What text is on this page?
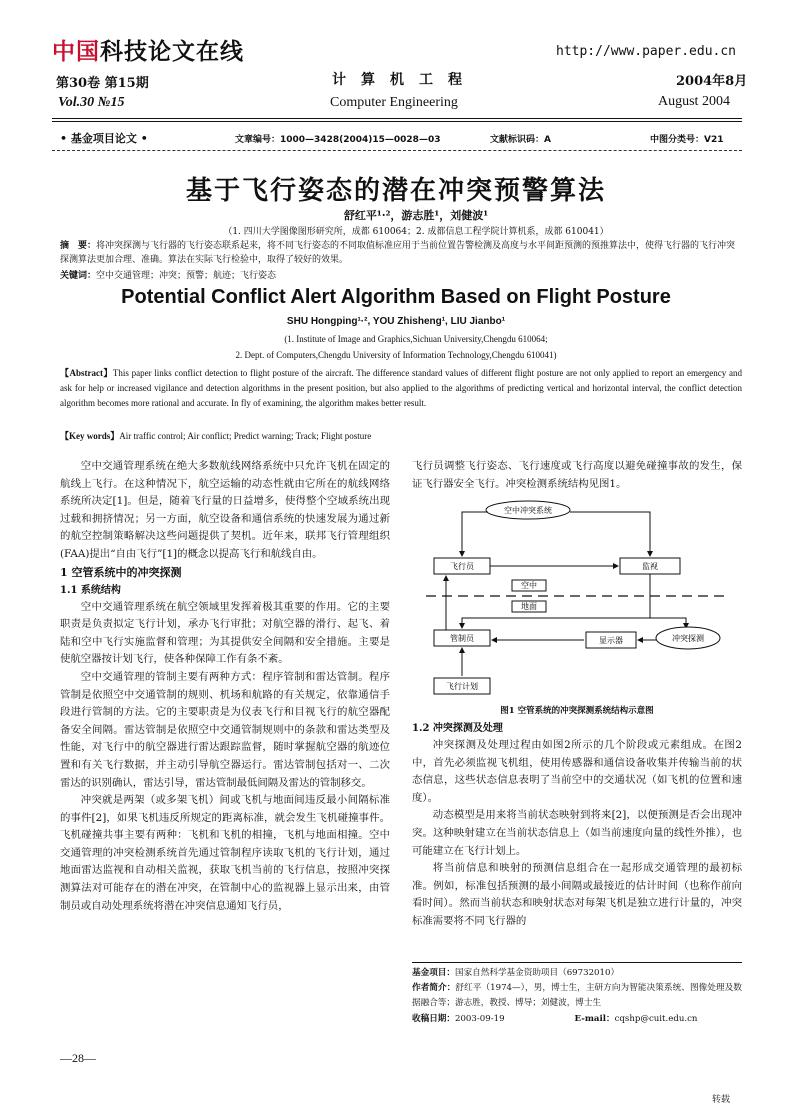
中国科技论文在线	http://www.paper.edu.cn
第30卷 第15期	计算机工程	2004年8月
Vol.30 №15	Computer Engineering	August 2004
• 基金项目论文 •	文章编号：1000—3428(2004)15—0028—03	文献标识码：A	中图分类号：V21
基于飞行姿态的潜在冲突预警算法
舒红平¹·²，游志胜¹，刘健波¹
（1. 四川大学图像图形研究所，成都 610064；2. 成都信息工程学院计算机系，成都 610041）
摘　要：将冲突探测与飞行器的飞行姿态联系起来，将不同飞行姿态的不同取值标准应用于当前位置告警检测及高度与水平间距预测的预推算法中，使得飞行器的飞行冲突探测算法更加合理、准确。算法在实际飞行检验中，取得了较好的效果。
关键词：空中交通管理；冲突；预警；航迹；飞行姿态
Potential Conflict Alert Algorithm Based on Flight Posture
SHU Hongping¹·², YOU Zhisheng¹, LIU Jianbo¹
(1. Institute of Image and Graphics,Sichuan University,Chengdu 610064;
2. Dept. of Computers,Chengdu University of Information Technology,Chengdu 610041)
【Abstract】This paper links conflict detection to flight posture of the aircraft. The difference standard values of different flight posture are not only applied to report an emergency and ask for help or increased vigilance and detection algorithms in the present position, but also applied to the algorithms of predicting vertical and horizontal interval, the conflict detection algorithm becomes more rational and accurate. In fly of examining, the algorithm makes better result.
【Key words】Air traffic control; Air conflict; Predict warning; Track; Flight posture

空中交通管理系统在绝大多数航线网络系统中只允许飞机在固定的航线上飞行。在这种情况下，航空运输的动态性就由它所在的航线网络系统所决定[1]。但是，随着飞行量的日益增多，使得整个空域系统出现过载和拥挤情况；另一方面，航空设备和通信系统的快速发展为通过新的航空控制策略解决这些问题提供了契机。近年来，联邦飞行管理组织(FAA)提出“自由飞行”[1]的概念以提高飞行和航线自由。

1 空管系统中的冲突探测
1.1 系统结构

空中交通管理系统在航空领域里发挥着极其重要的作用。它的主要职责是负责拟定飞行计划，承办飞行审批；对航空器的滑行、起飞、着陆和空中飞行实施监督和管理；为其提供安全间隔和安全措施。主要是使航空器按计划飞行，使各种保障工作有条不紊。

空中交通管理的管制主要有两种方式：程序管制和雷达管制。程序管制是依照空中交通管制的规则、机场和航路的有关规定，依靠通信手段进行管制的方法。它的主要职责是为仪表飞行和目视飞行的航空器配备安全间隔。雷达管制是依照空中交通管制规则中的条款和雷达类型及性能，对飞行中的航空器进行雷达跟踪监督，随时掌握航空器的航迹位置和有关飞行数据，并主动引导航空器运行。雷达管制包括对一、二次雷达的识别确认，雷达引导，雷达管制最低间隔及雷达的管制移交。

冲突就是两架（或多架飞机）间或飞机与地面间违反最小间隔标准的事件[2]，如果飞机违反所规定的距离标准，就会发生飞机碰撞事件。飞机碰撞共事主要有两种：飞机和飞机的相撞，飞机与地面相撞。空中交通管理的冲突检测系统首先通过管制程序读取飞机的飞行计划，通过地面雷达监视和自动相关监视，获取飞机当前的飞行信息，按照冲突探测算法对可能存在的潜在冲突，在管制中心的监视器上显示出来，由管制员或自动处理系统将潜在冲突信息通知飞行员，

飞行员调整飞行姿态、飞行速度或飞行高度以避免碰撞事故的发生，保证飞行器安全飞行。冲突检测系统结构见图1。

空中冲突系统
飞行员	监视
空中
地面
管制员	显示器	冲突探测
飞行计划
图1 空管系统的冲突探测系统结构示意图
1.2 冲突探测及处理

冲突探测及处理过程由如图2所示的几个阶段或元素组成。在图2中，首先必须监视飞机组，使用传感器和通信设备收集并传输当前的状态信息，这些状态信息表明了当前空中的交通状况（如飞机的位置和速度）。

动态模型是用来将当前状态映射到将来[2]，以便预测是否会出现冲突。这种映射建立在当前状态信息上（如当前速度向量的线性外推），也可能建立在飞行计划上。

将当前信息和映射的预测信息组合在一起形成交通管理的最初标准。例如，标准包括预测的最小间隔或最接近的估计时间（也称作前向看时间）。然而当前状态和映射状态对每架飞机是独立进行计量的，冲突标准需要将不同飞行器的

基金项目：国家自然科学基金资助项目（69732010）

作者简介：舒红平（1974—），男，博士生，主研方向为智能决策系统、图像处理及数据融合等；游志胜，教授、博导；刘健波，博士生

收稿日期：2003-09-19	E-mail：cqshp@cuit.edu.cn

—28—
转载
